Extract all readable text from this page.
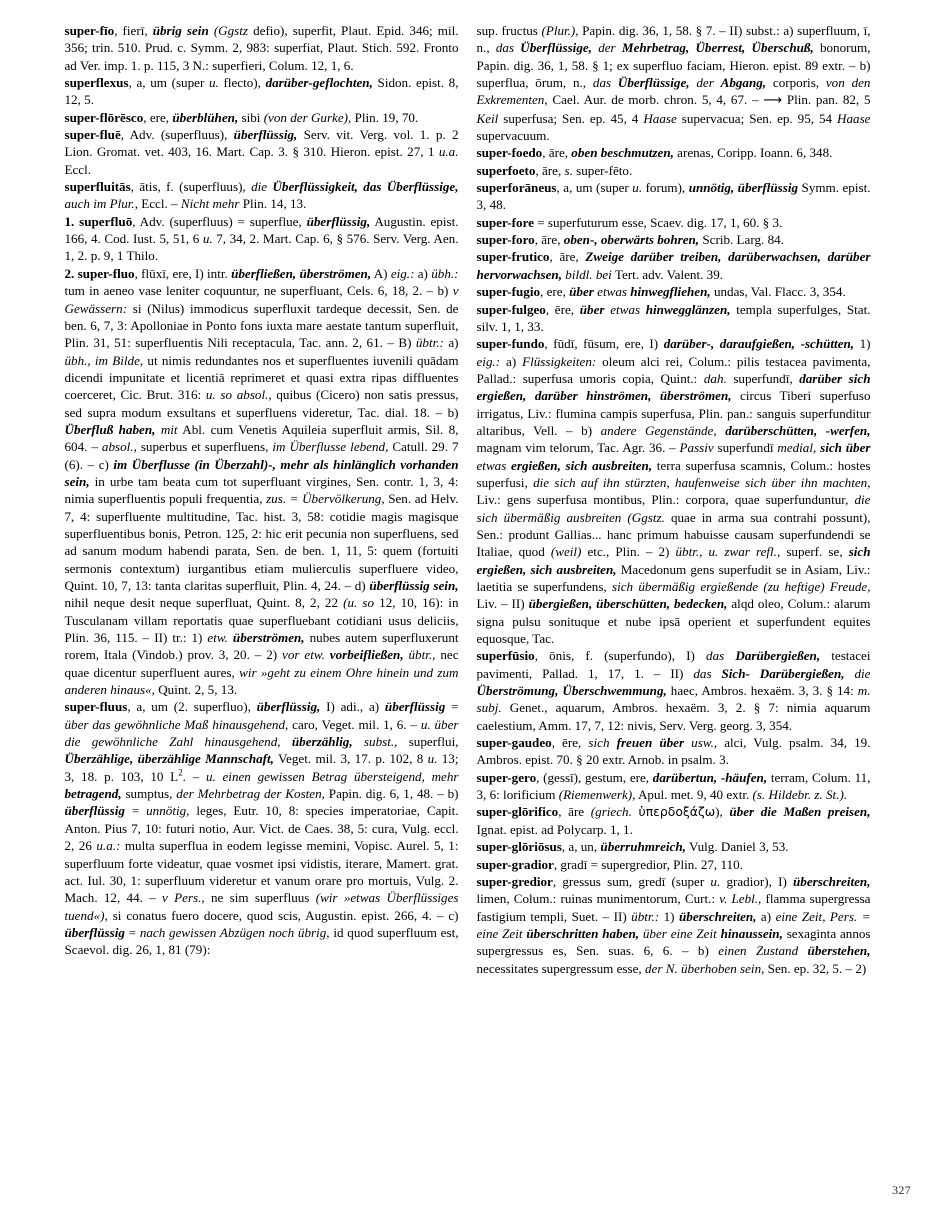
super-fīo, fierī, übrig sein (Ggstz defio), superfit, Plaut. Epid. 346; mil. 356; trin. 510. Prud. c. Symm. 2, 983: superfiat, Plaut. Stich. 592. Fronto ad Ver. imp. 1. p. 115, 3 N.: superfieri, Colum. 12, 1, 6.

superflexus, a, um (super u. flecto), darüber-geflochten, Sidon. epist. 8, 12, 5.

super-flōrēsco, ere, überblühen, sibi (von der Gurke), Plin. 19, 70.

super-fluē, Adv. (superfluus), überflüssig, Serv. vit. Verg. vol. 1. p. 2 Lion. Gromat. vet. 403, 16. Mart. Cap. 3. § 310. Hieron. epist. 27, 1 u.a. Eccl.

superfluitās, ātis, f. (superfluus), die Überflüssigkeit, das Überflüssige, auch im Plur., Eccl. – Nicht mehr Plin. 14, 13.

1. superfluō, Adv. (superfluus) = superflue, überflüssig, Augustin. epist. 166, 4. Cod. Iust. 5, 51, 6 u. 7, 34, 2. Mart. Cap. 6, § 576. Serv. Verg. Aen. 1, 2. p. 9, 1 Thilo.

2. super-fluo, flūxī, ere, I) intr. überfließen, überströmen, A) eig.: a) übh.: tum in aeneo vase leniter coquuntur, ne superfluant, Cels. 6, 18, 2. – b) v Gewässern: si (Nilus) immodicus superfluxit tardeque decessit, Sen. de ben. 6, 7, 3: Apolloniae in Ponto fons iuxta mare aestate tantum superfluit, Plin. 31, 51: superfluentis Nili receptacula, Tac. ann. 2, 61. – B) übtr.: a) übh., im Bilde, ut nimis redundantes nos et superfluentes iuvenili quādam dicendi impunitate et licentiā reprimeret et quasi extra ripas diffluentes coerceret, Cic. Brut. 316: u. so absol., quibus (Cicero) non satis pressus, sed supra modum exsultans et superfluens videretur, Tac. dial. 18. – b) Überfluß haben, mit Abl. cum Venetis Aquileia superfluit armis, Sil. 8, 604. – absol., superbus et superfluens, im Überflusse lebend, Catull. 29. 7 (6). – c) im Überflusse (in Überzahl)-, mehr als hinlänglich vorhanden sein, in urbe tam beata cum tot superfluant virgines, Sen. contr. 1, 3, 4: nimia superfluentis populi frequentia, zus. = Übervölkerung, Sen. ad Helv. 7, 4: superfluente multitudine, Tac. hist. 3, 58: cotidie magis magisque superfluentibus bonis, Petron. 125, 2: hic erit pecunia non superfluens, sed ad sanum modum habendi parata, Sen. de ben. 1, 11, 5: quem (fortuiti sermonis contextum) iurgantibus etiam mulierculis superfluere video, Quint. 10, 7, 13: tanta claritas superfluit, Plin. 4, 24. – d) überflüssig sein, nihil neque desit neque superfluat, Quint. 8, 2, 22 (u. so 12, 10, 16): in Tusculanam villam reportatis quae superfluebant cotidiani usus deliciis, Plin. 36, 115. – II) tr.: 1) etw. überströmen, nubes autem superfluxerunt rorem, Itala (Vindob.) prov. 3, 20. – 2) vor etw. vorbeifließen, übtr., nec quae dicentur superfluent aures, wir »geht zu einem Ohre hinein und zum anderen hinaus«, Quint. 2, 5, 13.

super-fluus, a, um (2. superfluo), überflüssig, I) adi., a) überflüssig = über das gewöhnliche Maß hinausgehend, caro, Veget. mil. 1, 6. – u. über die gewöhnliche Zahl hinausgehend, überzählig, subst., superflui, Überzählige, überzählige Mannschaft, Veget. mil. 3, 17. p. 102, 8 u. 13; 3, 18. p. 103, 10 $L^2$. – u. einen gewissen Betrag übersteigend, mehr betragend, sumptus, der Mehrbetrag der Kosten, Papin. dig. 6, 1, 48. – b) überflüssig = unnötig, leges, Eutr. 10, 8: species imperatoriae, Capit. Anton. Pius 7, 10: futuri notio, Aur. Vict. de Caes. 38, 5: cura, Vulg. eccl. 2, 26 u.a.: multa superflua in eodem legisse memini, Vopisc. Aurel. 5, 1: superfluum forte videatur, quae vosmet ipsi vidistis, iterare, Mamert. grat. act. Iul. 30, 1: superfluum videretur et vanum orare pro mortuis, Vulg. 2. Mach. 12, 44. – v Pers., ne sim superfluus (wir »etwas Überflüssiges tuend«), si conatus fuero docere, quod scis, Augustin. epist. 266, 4. – c) überflüssig = nach gewissen Abzügen noch übrig, id quod superfluum est, Scaevol. dig. 26, 1, 81 (79):

sup. fructus (Plur.), Papin. dig. 36, 1, 58. § 7. – II) subst.: a) superfluum, ī, n., das Überflüssige, der Mehrbetrag, Überrest, Überschuß, bonorum, Papin. dig. 36, 1, 58. § 1; ex superfluo faciam, Hieron. epist. 89 extr. – b) superflua, ōrum, n., das Überflüssige, der Abgang, corporis, von den Exkrementen, Cael. Aur. de morb. chron. 5, 4, 67. – ⟶ Plin. pan. 82, 5 Keil superfusa; Sen. ep. 45, 4 Haase supervacua; Sen. ep. 95, 54 Haase supervacuum.

super-foedo, āre, oben beschmutzen, arenas, Coripp. Ioann. 6, 348.

superfoeto, āre, s. super-fēto.

superforāneus, a, um (super u. forum), unnötig, überflüssig Symm. epist. 3, 48.

super-fore = superfuturum esse, Scaev. dig. 17, 1, 60. § 3.

super-foro, āre, oben-, oberwärts bohren, Scrib. Larg. 84.

super-frutico, āre, Zweige darüber treiben, darüberwachsen, darüber hervorwachsen, bildl. bei Tert. adv. Valent. 39.

super-fugio, ere, über etwas hinwegfliehen, undas, Val. Flacc. 3, 354.

super-fulgeo, ēre, über etwas hinwegglänzen, templa superfulges, Stat. silv. 1, 1, 33.

super-fundo, fūdī, fūsum, ere, I) darüber-, daraufgießen, -schütten, 1) eig.: a) Flüssigkeiten: oleum alci rei, Colum.: pilis testacea pavimenta, Pallad.: superfusa umoris copia, Quint.: dah. superfundī, darüber sich ergießen, darüber hinströmen, überströmen, circus Tiberi superfuso irrigatus, Liv.: flumina campis superfusa, Plin. pan.: sanguis superfunditur altaribus, Vell. – b) andere Gegenstände, darüberschütten, -werfen, magnam vim telorum, Tac. Agr. 36. – Passiv superfundī medial, sich über etwas ergießen, sich ausbreiten, terra superfusa scamnis, Colum.: hostes superfusi, die sich auf ihn stürzten, haufenweise sich über ihn machten, Liv.: gens superfusa montibus, Plin.: corpora, quae superfunduntur, die sich übermäßig ausbreiten (Ggstz. quae in arma sua contrahi possunt), Sen.: produnt Gallias... hanc primum habuisse causam superfundendi se Italiae, quod (weil) etc., Plin. – 2) übtr., u. zwar refl., superf. se, sich ergießen, sich ausbreiten, Macedonum gens superfudit se in Asiam, Liv.: laetitia se superfundens, sich übermäßig ergießende (zu heftige) Freude, Liv. – II) übergießen, überschütten, bedecken, alqd oleo, Colum.: alarum signa pulsu sonituque et nube ipsā operient et superfundent equites equosque, Tac.

superfūsio, ōnis, f. (superfundo), I) das Darübergießen, testacei pavimenti, Pallad. 1, 17, 1. – II) das Sich- Darübergießen, die Überströmung, Überschwemmung, haec, Ambros. hexaëm. 3, 3. § 14: m. subj. Genet., aquarum, Ambros. hexaëm. 3, 2. § 7: nimia aquarum caelestium, Amm. 17, 7, 12: nivis, Serv. Verg. georg. 3, 354.

super-gaudeo, ēre, sich freuen über usw., alci, Vulg. psalm. 34, 19. Ambros. epist. 70. § 20 extr. Arnob. in psalm. 3.

super-gero, (gessī), gestum, ere, darübertun, -häufen, terram, Colum. 11, 3, 6: lorificium (Riemenwerk), Apul. met. 9, 40 extr. (s. Hildebr. z. St.).

super-glōrifico, āre (griech. ὑπερδοξάζω), über die Maßen preisen, Ignat. epist. ad Polycarp. 1, 1.

super-glōriōsus, a, un, überruhmreich, Vulg. Daniel 3, 53.

super-gradior, gradī = supergredior, Plin. 27, 110.

super-gredior, gressus sum, gredī (super u. gradior), I) überschreiten, limen, Colum.: ruinas munimentorum, Curt.: v. Lebl., flamma supergressa fastigium templi, Suet. – II) übtr.: 1) überschreiten, a) eine Zeit, Pers. = eine Zeit überschritten haben, über eine Zeit hinaussein, sexaginta annos supergressus es, Sen. suas. 6, 6. – b) einen Zustand überstehen, necessitates supergressum esse, der N. überhoben sein, Sen. ep. 32, 5. – 2)

327
